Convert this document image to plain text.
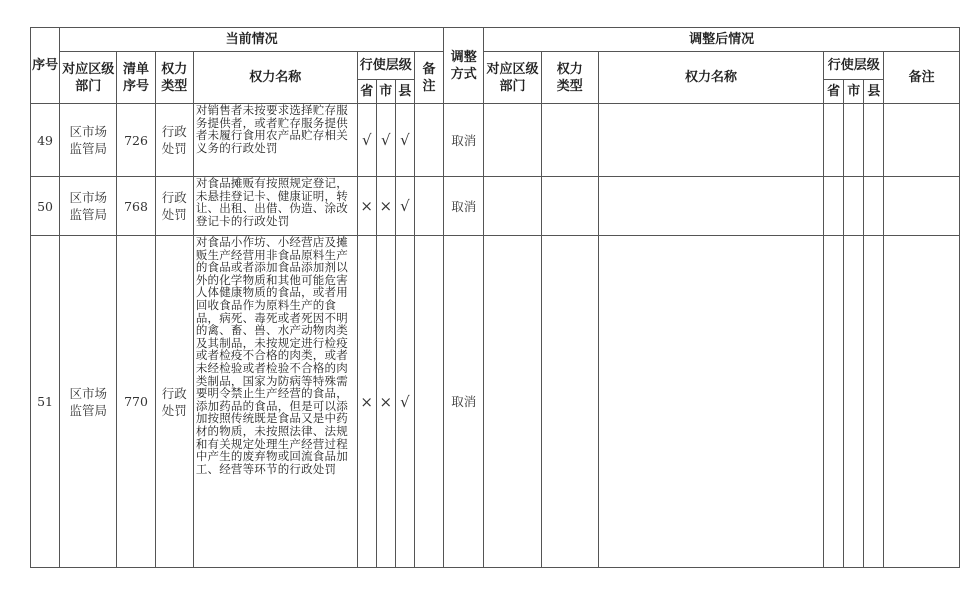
序号	当前情况								调整方式	调整后情况						

	对应区级部门	清单序号	权力类型	权力名称	行使层级			备注		对应区级部门	权力类型	权力名称	行使层级			备注
					省	市	县						省	市	县	
49	区市场监管局	726	行政处罚	对销售者未按要求选择贮存服务提供者，或者贮存服务提供者未履行食用农产品贮存相关义务的行政处罚	√	√	√		取消							
50	区市场监管局	768	行政处罚	对食品摊贩有按照规定登记，未悬挂登记卡、健康证明，转让、出租、出借、伪造、涂改登记卡的行政处罚	×	×	√		取消							
51	区市场监管局	770	行政处罚	对食品小作坊、小经营店及摊贩生产经营用非食品原料生产的食品或者添加食品添加剂以外的化学物质和其他可能危害人体健康物质的食品，或者用回收食品作为原料生产的食品，病死、毒死或者死因不明的禽、畜、兽、水产动物肉类及其制品，未按规定进行检疫或者检疫不合格的肉类，或者未经检验或者检验不合格的肉类制品，国家为防病等特殊需要明令禁止生产经营的食品，添加药品的食品，但是可以添加按照传统既是食品又是中药材的物质，未按照法律、法规和有关规定处理生产经营过程中产生的废弃物或回流食品加工、经营等环节的行政处罚	×	×	√		取消							
